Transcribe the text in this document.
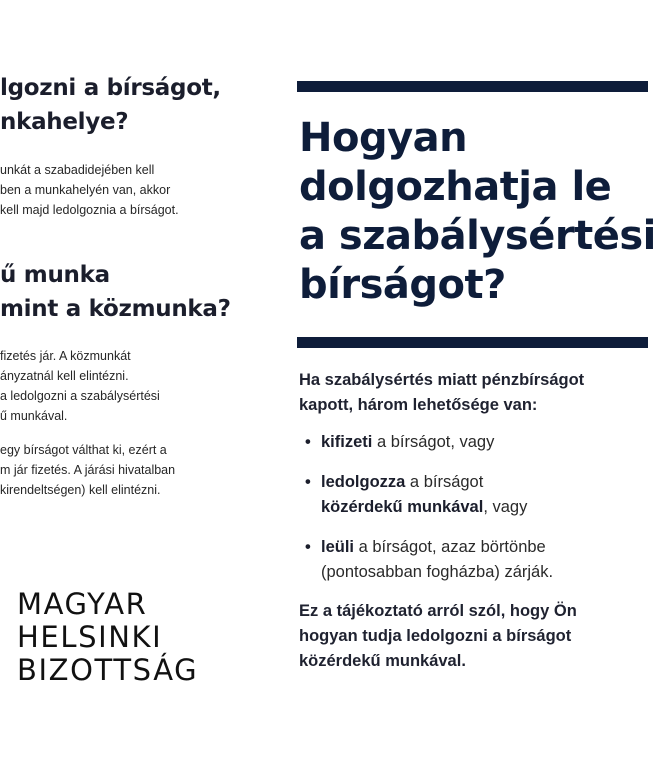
lgozni a bírságot,
nkahelye?

unkát a szabadidejében kell
ben a munkahelyén van, akkor
kell majd ledolgoznia a bírságot.

ű munka
mint a közmunka?

fizetés jár. A közmunkát
ányzatnál kell elintézni.
a ledolgozni a szabálysértési
ű munkával.

egy bírságot válthat ki, ezért a
m jár fizetés. A járási hivatalban
kirendeltségen) kell elintézni.

MAGYAR
HELSINKI
BIZOTTSÁG
Hogyan
dolgozhatja le
a szabálysértési
bírságot?

Ha szabálysértés miatt pénzbírságot
kapott, három lehetősége van:

• kifizeti a bírságot, vagy
• ledolgozza a bírságot
közérdekű munkával, vagy
• leüli a bírságot, azaz börtönbe
(pontosabban fogházba) zárják.

Ez a tájékoztató arról szól, hogy Ön
hogyan tudja ledolgozni a bírságot
közérdekű munkával.
